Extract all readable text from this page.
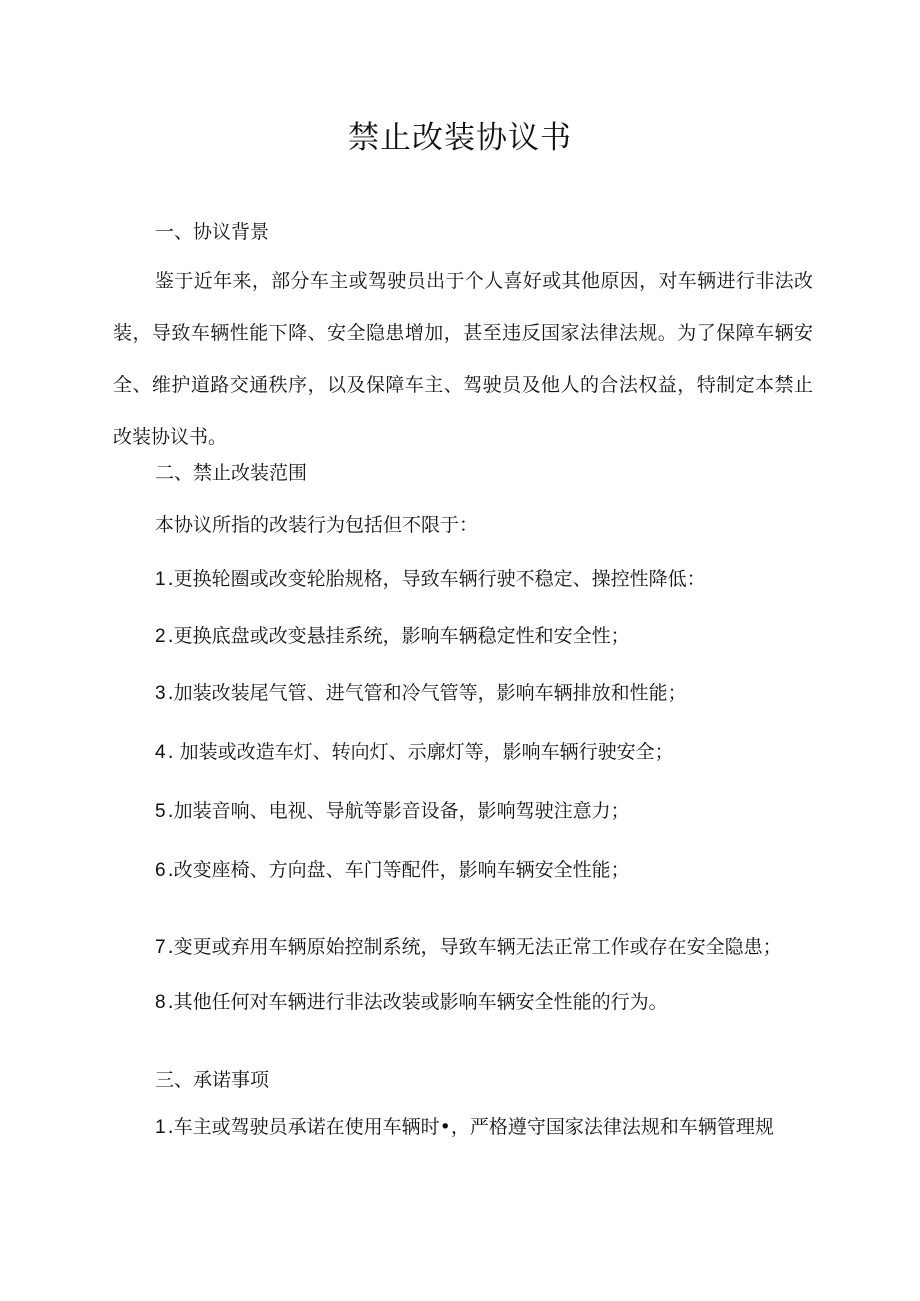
禁止改装协议书
一、协议背景

鉴于近年来，部分车主或驾驶员出于个人喜好或其他原因，对车辆进行非法改装，导致车辆性能下降、安全隐患增加，甚至违反国家法律法规。为了保障车辆安全、维护道路交通秩序，以及保障车主、驾驶员及他人的合法权益，特制定本禁止改装协议书。

二、禁止改装范围
本协议所指的改装行为包括但不限于：
1 .更换轮圈或改变轮胎规格，导致车辆行驶不稳定、操控性降低：
2 .更换底盘或改变悬挂系统，影响车辆稳定性和安全性；
3 .加装改装尾气管、进气管和冷气管等，影响车辆排放和性能；
4 . 加装或改造车灯、转向灯、示廓灯等，影响车辆行驶安全；
5 .加装音响、电视、导航等影音设备，影响驾驶注意力；
6 .改变座椅、方向盘、车门等配件，影响车辆安全性能；
7 .变更或弃用车辆原始控制系统，导致车辆无法正常工作或存在安全隐患；
8 .其他任何对车辆进行非法改装或影响车辆安全性能的行为。
三、承诺事项
1 .车主或驾驶员承诺在使用车辆时•，严格遵守国家法律法规和车辆管理规
